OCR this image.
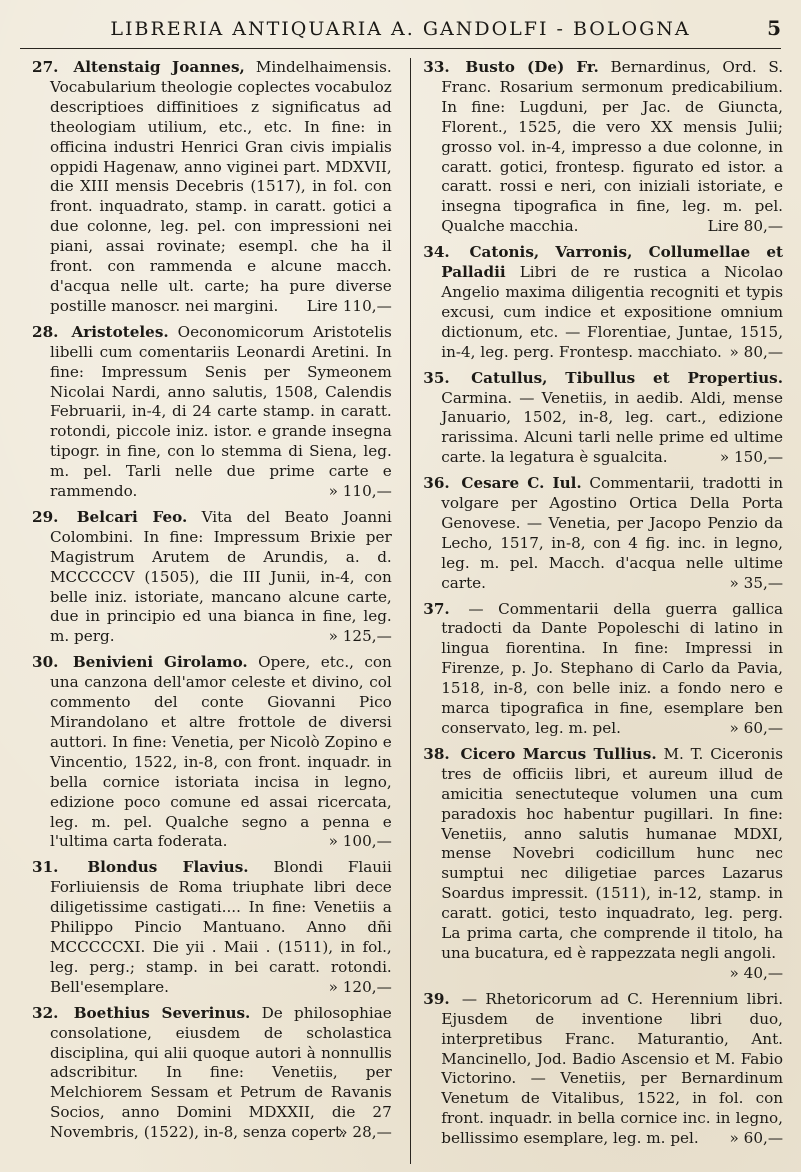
LIBRERIA ANTIQUARIA A. GANDOLFI - BOLOGNA	5

27. Altenstaig Joannes, Mindelhaimensis. Vocabularium theologie coplectes vocabuloz descriptioes diffinitioes z significatus ad theologiam utilium, etc., etc. In fine: in officina industri Henrici Gran civis impialis oppidi Hagenaw, anno viginei part. MDXVII, die XIII mensis Decebris (1517), in fol. con front. inquadrato, stamp. in caratt. gotici a due colonne, leg. pel. con impressioni nei piani, assai rovinate; esempl. che ha il front. con rammenda e alcune macch. d'acqua nelle ult. carte; ha pure diverse postille manoscr. nei margini. Lire 110,—

28. Aristoteles. Oeconomicorum Aristotelis libelli cum comentariis Leonardi Aretini. In fine: Impressum Senis per Symeonem Nicolai Nardi, anno salutis, 1508, Calendis Februarii, in-4, di 24 carte stamp. in caratt. rotondi, piccole iniz. istor. e grande insegna tipogr. in fine, con lo stemma di Siena, leg. m. pel. Tarli nelle due prime carte e rammendo.	» 110,—

29. Belcari Feo. Vita del Beato Joanni Colombini. In fine: Impressum Brixie per Magistrum Arutem de Arundis, a. d. MCCCCCV (1505), die III Junii, in-4, con belle iniz. istoriate, mancano alcune carte, due in principio ed una bianca in fine, leg. m. perg.	» 125,—

30. Benivieni Girolamo. Opere, etc., con una canzona dell'amor celeste et divino, col commento del conte Giovanni Pico Mirandolano et altre frottole de diversi auttori. In fine: Venetia, per Nicolò Zopino e Vincentio, 1522, in-8, con front. inquadr. in bella cornice istoriata incisa in legno, edizione poco comune ed assai ricercata, leg. m. pel. Qualche segno a penna e l'ultima carta foderata.	» 100,—

31. Blondus Flavius. Blondi Flauii Forliuiensis de Roma triuphate libri dece diligetissime castigati.... In fine: Venetiis a Philippo Pincio Mantuano. Anno dñi MCCCCCXI. Die yii . Maii . (1511), in fol., leg. perg.; stamp. in bei caratt. rotondi. Bell'esemplare.	» 120,—

32. Boethius Severinus. De philosophiae consolatione, eiusdem de scholastica disciplina, qui alii quoque autori à nonnullis adscribitur. In fine: Venetiis, per Melchiorem Sessam et Petrum de Ravanis Socios, anno Domini MDXXII, die 27 Novembris, (1522), in-8, senza copert.
» 28,—

33. Busto (De) Fr. Bernardinus, Ord. S. Franc. Rosarium sermonum predicabilium. In fine: Lugduni, per Jac. de Giuncta, Florent., 1525, die vero XX mensis Julii; grosso vol. in-4, impresso a due colonne, in caratt. gotici, frontesp. figurato ed istor. a caratt. rossi e neri, con iniziali istoriate, e insegna tipografica in fine, leg. m. pel. Qualche macchia.	Lire 80,—

34. Catonis, Varronis, Collumellae et Palladii Libri de re rustica a Nicolao Angelio maxima diligentia recogniti et typis excusi, cum indice et expositione omnium dictionum, etc. — Florentiae, Juntae, 1515, in-4, leg. perg. Frontesp. macchiato. » 80,—

35. Catullus, Tibullus et Propertius. Carmina. — Venetiis, in aedib. Aldi, mense Januario, 1502, in-8, leg. cart., edizione rarissima. Alcuni tarli nelle prime ed ultime carte. la legatura è sgualcita.	» 150,—

36. Cesare C. Iul. Commentarii, tradotti in volgare per Agostino Ortica Della Porta Genovese. — Venetia, per Jacopo Penzio da Lecho, 1517, in-8, con 4 fig. inc. in legno, leg. m. pel. Macch. d'acqua nelle ultime carte.	» 35,—

37. — Commentarii della guerra gallica tradocti da Dante Popoleschi di latino in lingua fiorentina. In fine: Impressi in Firenze, p. Jo. Stephano di Carlo da Pavia, 1518, in-8, con belle iniz. a fondo nero e marca tipografica in fine, esemplare ben conservato, leg. m. pel.	» 60,—

38. Cicero Marcus Tullius. M. T. Ciceronis tres de officiis libri, et aureum illud de amicitia senectuteque volumen una cum paradoxis hoc habentur pugillari. In fine: Venetiis, anno salutis humanae MDXI, mense Novebri codicillum hunc nec sumptui nec diligetiae parces Lazarus Soardus impressit. (1511), in-12, stamp. in caratt. gotici, testo inquadrato, leg. perg. La prima carta, che comprende il titolo, ha una bucatura, ed è rappezzata negli angoli.
» 40,—

39. — Rhetoricorum ad C. Herennium libri. Ejusdem de inventione libri duo, interpretibus Franc. Maturantio, Ant. Mancinello, Jod. Badio Ascensio et M. Fabio Victorino. — Venetiis, per Bernardinum Venetum de Vitalibus, 1522, in fol. con front. inquadr. in bella cornice inc. in legno, bellissimo esemplare, leg. m. pel. » 60,—
